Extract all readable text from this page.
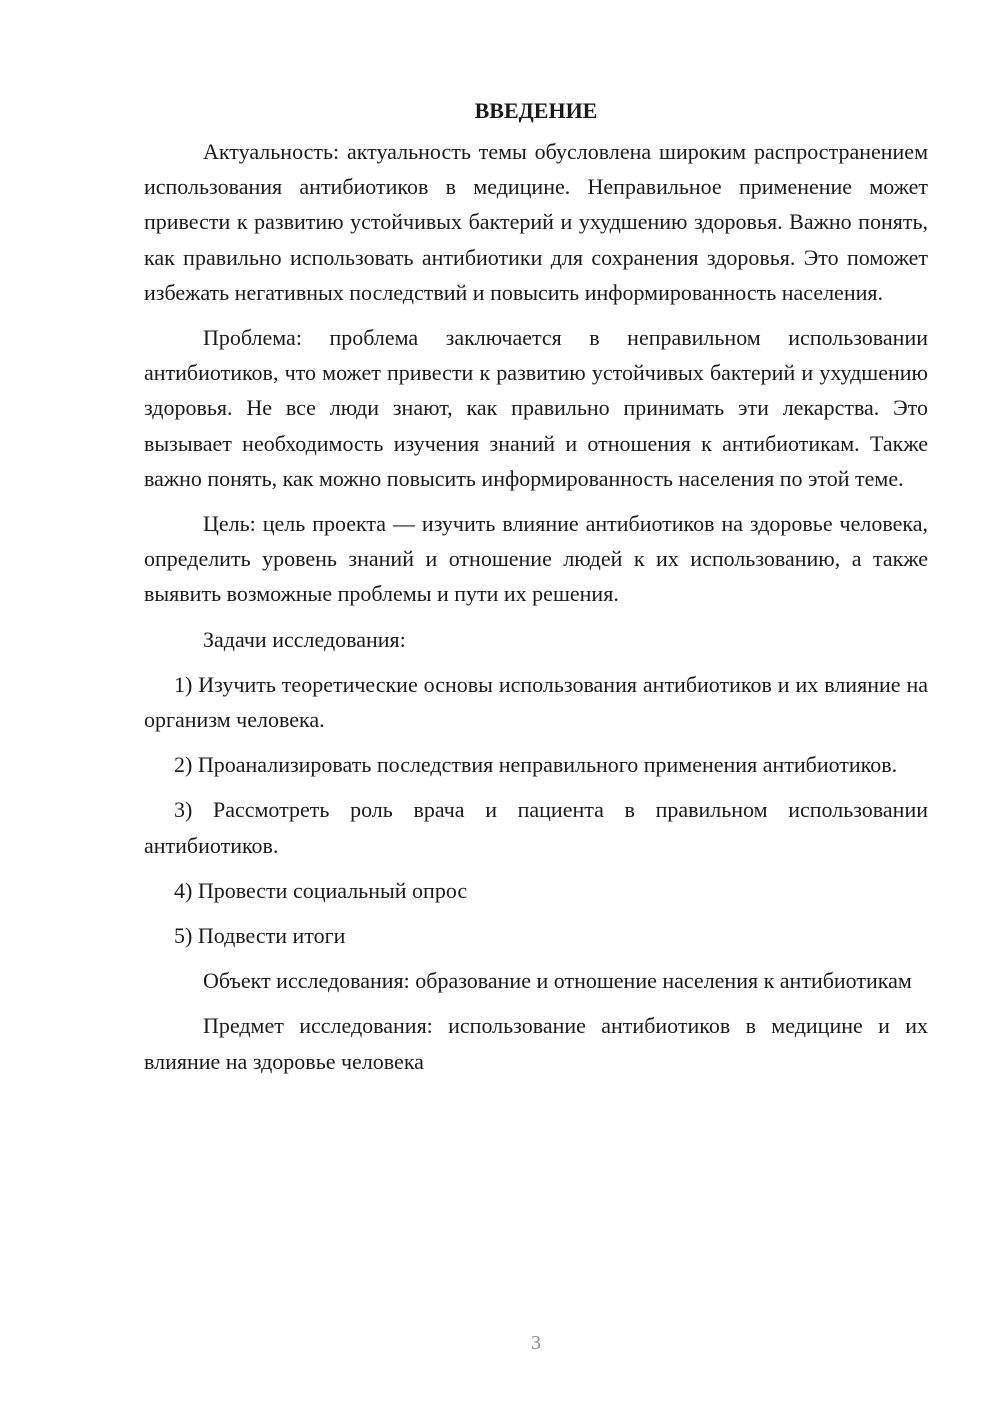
ВВЕДЕНИЕ

Актуальность: актуальность темы обусловлена широким распространением использования антибиотиков в медицине. Неправильное применение может привести к развитию устойчивых бактерий и ухудшению здоровья. Важно понять, как правильно использовать антибиотики для сохранения здоровья. Это поможет избежать негативных последствий и повысить информированность населения.

Проблема: проблема заключается в неправильном использовании антибиотиков, что может привести к развитию устойчивых бактерий и ухудшению здоровья. Не все люди знают, как правильно принимать эти лекарства. Это вызывает необходимость изучения знаний и отношения к антибиотикам. Также важно понять, как можно повысить информированность населения по этой теме.

Цель: цель проекта — изучить влияние антибиотиков на здоровье человека, определить уровень знаний и отношение людей к их использованию, а также выявить возможные проблемы и пути их решения.

Задачи исследования:

1) Изучить теоретические основы использования антибиотиков и их влияние на организм человека.

2) Проанализировать последствия неправильного применения антибиотиков.

3) Рассмотреть роль врача и пациента в правильном использовании антибиотиков.

4) Провести социальный опрос

5) Подвести итоги

Объект исследования: образование и отношение населения к антибиотикам

Предмет исследования: использование антибиотиков в медицине и их влияние на здоровье человека

3
